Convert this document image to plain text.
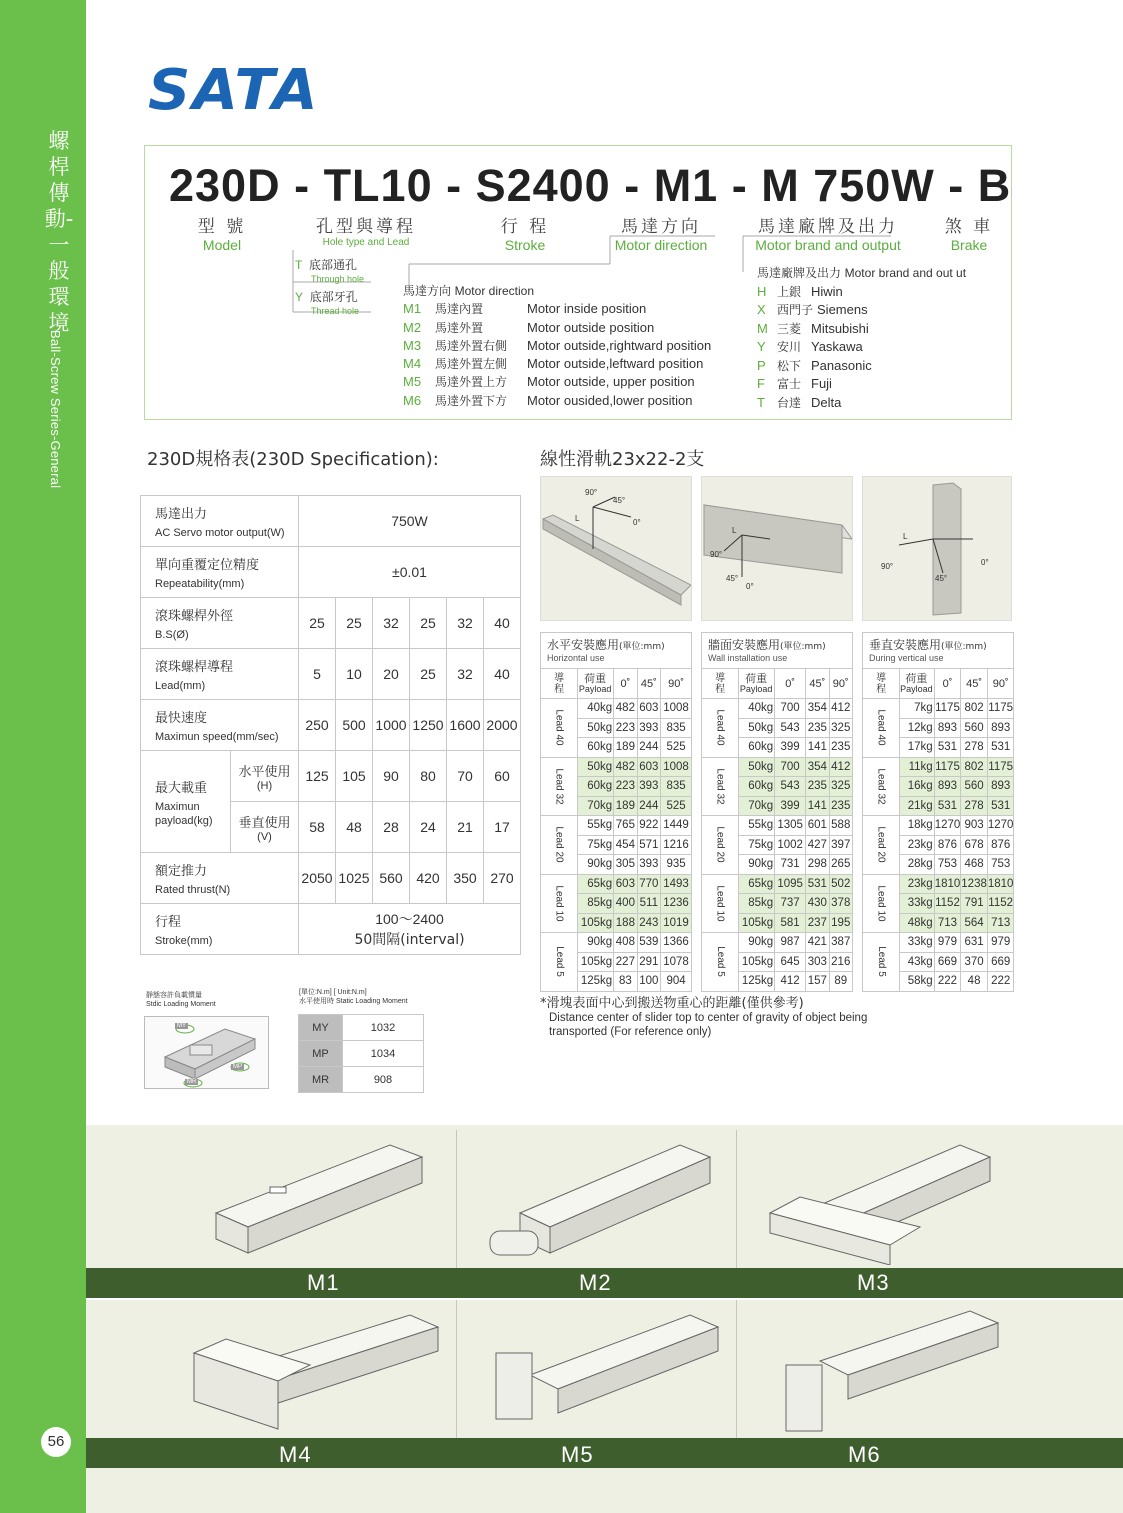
螺桿傳動-一般環境
Ball-Screw Series-General
56
SATA
230D - TL10 - S2400 - M1 - M 750W - B
型 號
Model
孔型與導程
Hole type and Lead
行 程
Stroke
馬達方向
Motor direction
馬達廠牌及出力
Motor brand and output
煞 車
Brake
T 底部通孔
Through hole
Y 底部牙孔
Thread hole
馬達方向 Motor direction
M1 馬達內置	Motor inside position
M2 馬達外置	Motor outside position
M3 馬達外置右側 Motor outside,rightward position
M4 馬達外置左側 Motor outside,leftward position
M5 馬達外置上方 Motor outside, upper position
M6 馬達外置下方 Motor ousided,lower position
馬達廠牌及出力 Motor brand and out ut
H 上銀 Hiwin
X 西門子 Siemens
M 三菱 Mitsubishi
Y 安川 Yaskawa
P 松下 Panasonic
F 富士 Fuji
T 台達 Delta
230D規格表(230D Specification):	線性滑軌23x22-2支
馬達出力
AC Servo motor output(W)		750W					

單向重覆定位精度
Repeatability(mm)		±0.01					

滾珠螺桿外徑
B.S(Ø)		25	25	32	25	32	40

滾珠螺桿導程
Lead(mm)		5	10	20	25	32	40

最快速度
Maximun speed(mm/sec)		250	500	1000	1250	1600	2000

最大載重
Maximun
payload(kg)	水平使用
(H)	125	105	90	80	70	60

	垂直使用
(V)	58	48	28	24	21	17

額定推力
Rated thrust(N)		2050	1025	560	420	350	270

行程
Stroke(mm)		100～2400
50間隔(interval)					
靜態容許負載慣量
Stdic Loading Moment
[單位:N.m] [ Unit:N.m]
水平使用時 Static Loading Moment
MY
MP
MR
MY	1032
MP	1034
MR	908
90°
45°
0°
L
90°
45°
0°
L
0°
90°
45°
L
水平安裝應用(單位:mm)
Horizontal use
導程	荷重
Payload	0˚	45˚	90˚
Lead 40	40kg	482	603	1008
	50kg	223	393	835
	60kg	189	244	525
Lead 32	50kg	482	603	1008
	60kg	223	393	835
	70kg	189	244	525
Lead 20	55kg	765	922	1449
	75kg	454	571	1216
	90kg	305	393	935
Lead 10	65kg	603	770	1493
	85kg	400	511	1236
	105kg	188	243	1019
Lead 5	90kg	408	539	1366
	105kg	227	291	1078
	125kg	83	100	904
牆面安裝應用(單位:mm)
Wall installation use
導程	荷重
Payload	0˚	45˚	90˚
Lead 40	40kg	700	354	412
	50kg	543	235	325
	60kg	399	141	235
Lead 32	50kg	700	354	412
	60kg	543	235	325
	70kg	399	141	235
Lead 20	55kg	1305	601	588
	75kg	1002	427	397
	90kg	731	298	265
Lead 10	65kg	1095	531	502
	85kg	737	430	378
	105kg	581	237	195
Lead 5	90kg	987	421	387
	105kg	645	303	216
	125kg	412	157	89
垂直安裝應用(單位:mm)
During vertical use
導程	荷重
Payload	0˚	45˚	90˚
Lead 40	7kg	1175	802	1175
	12kg	893	560	893
	17kg	531	278	531
Lead 32	11kg	1175	802	1175
	16kg	893	560	893
	21kg	531	278	531
Lead 20	18kg	1270	903	1270
	23kg	876	678	876
	28kg	753	468	753
Lead 10	23kg	1810	1238	1810
	33kg	1152	791	1152
	48kg	713	564	713
Lead 5	33kg	979	631	979
	43kg	669	370	669
	58kg	222	48	222
*滑塊表面中心到搬送物重心的距離(僅供參考)
Distance center of slider top to center of gravity of object being
transported (For reference only)
M1	M2	M3
M4	M5	M6
